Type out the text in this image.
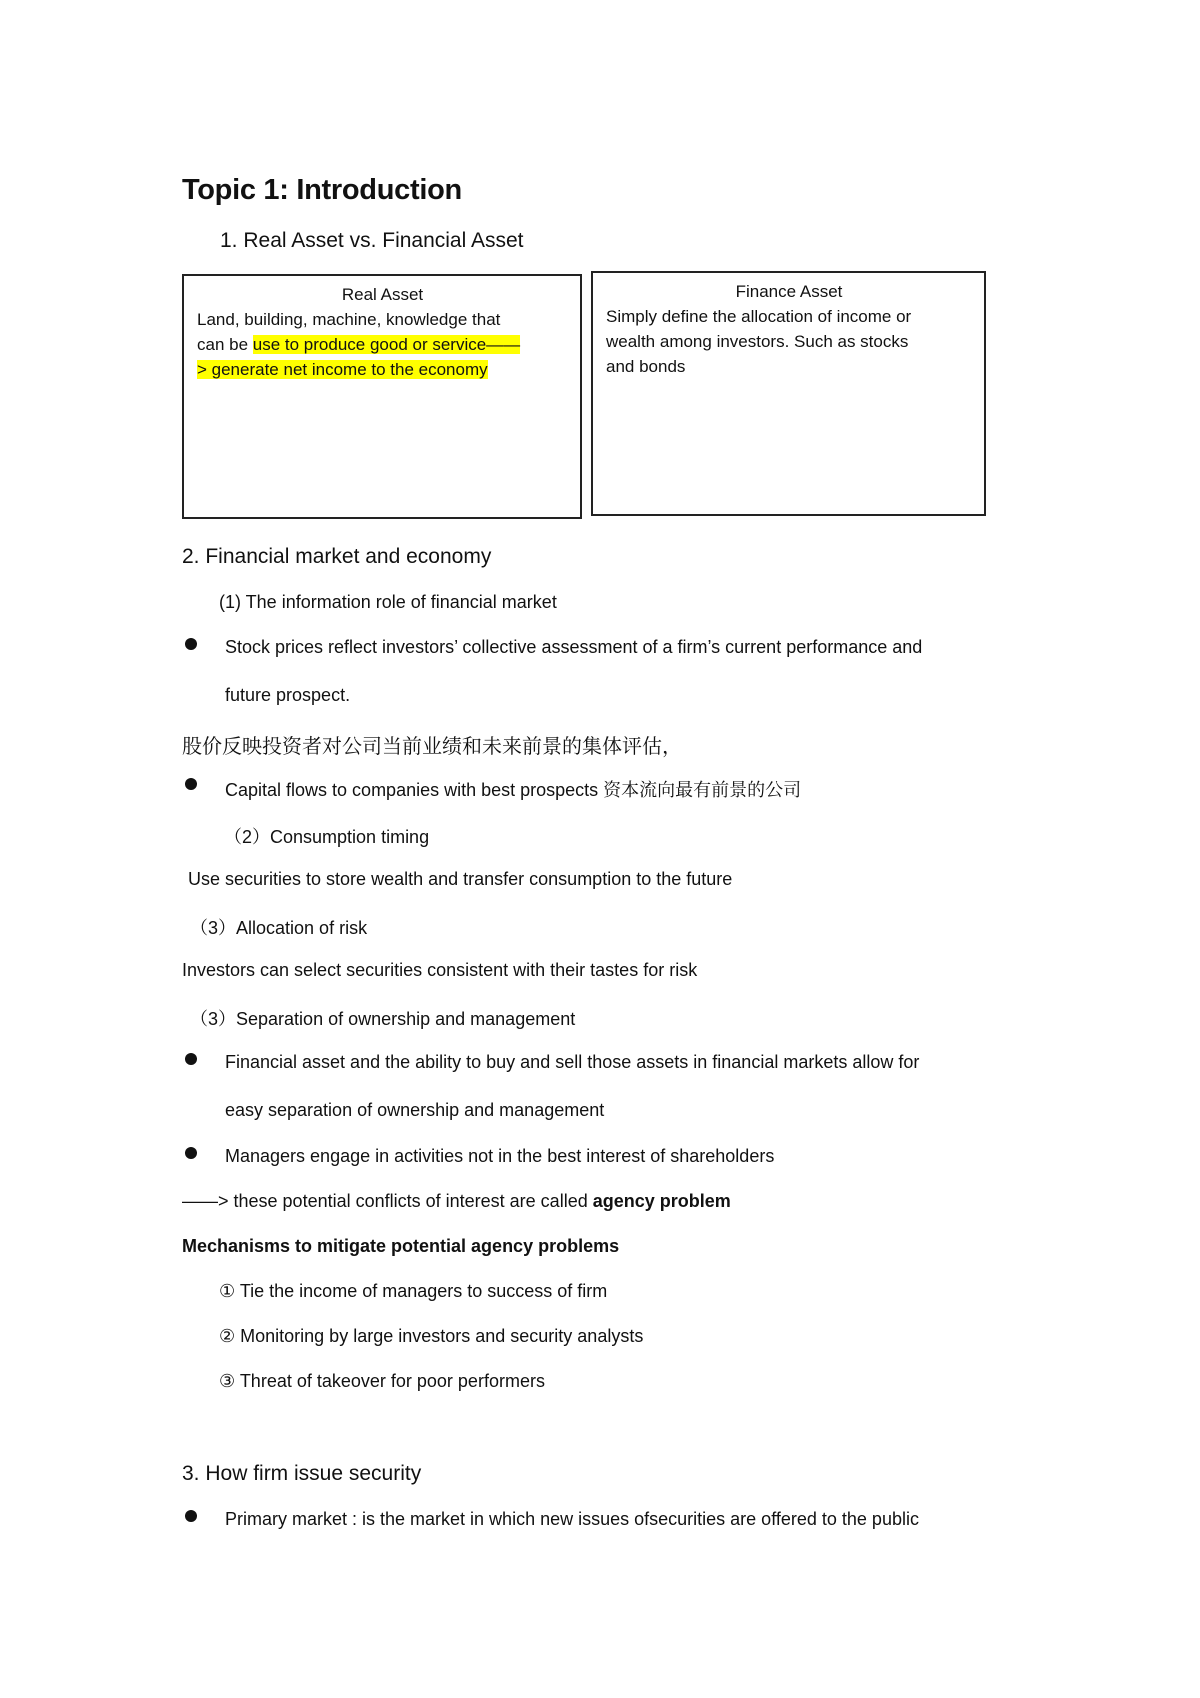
Topic 1: Introduction
1. Real Asset vs. Financial Asset
Real Asset
Land, building, machine, knowledge that
can be use to produce good or service——
> generate net income to the economy
Finance Asset
Simply define the allocation of income or
wealth among investors. Such as stocks
and bonds
2. Financial market and economy
(1) The information role of financial market
Stock prices reflect investors’ collective assessment of a firm’s current performance and
future prospect.
股价反映投资者对公司当前业绩和未来前景的集体评估，
Capital flows to companies with best prospects 资本流向最有前景的公司
（2）Consumption timing
Use securities to store wealth and transfer consumption to the future
（3）Allocation of risk
Investors can select securities consistent with their tastes for risk
（3）Separation of ownership and management
Financial asset and the ability to buy and sell those assets in financial markets allow for
easy separation of ownership and management
Managers engage in activities not in the best interest of shareholders
——> these potential conflicts of interest are called agency problem
Mechanisms to mitigate potential agency problems
① Tie the income of managers to success of firm
② Monitoring by large investors and security analysts
③ Threat of takeover for poor performers
3. How firm issue security
Primary market : is the market in which new issues ofsecurities are offered to the public
